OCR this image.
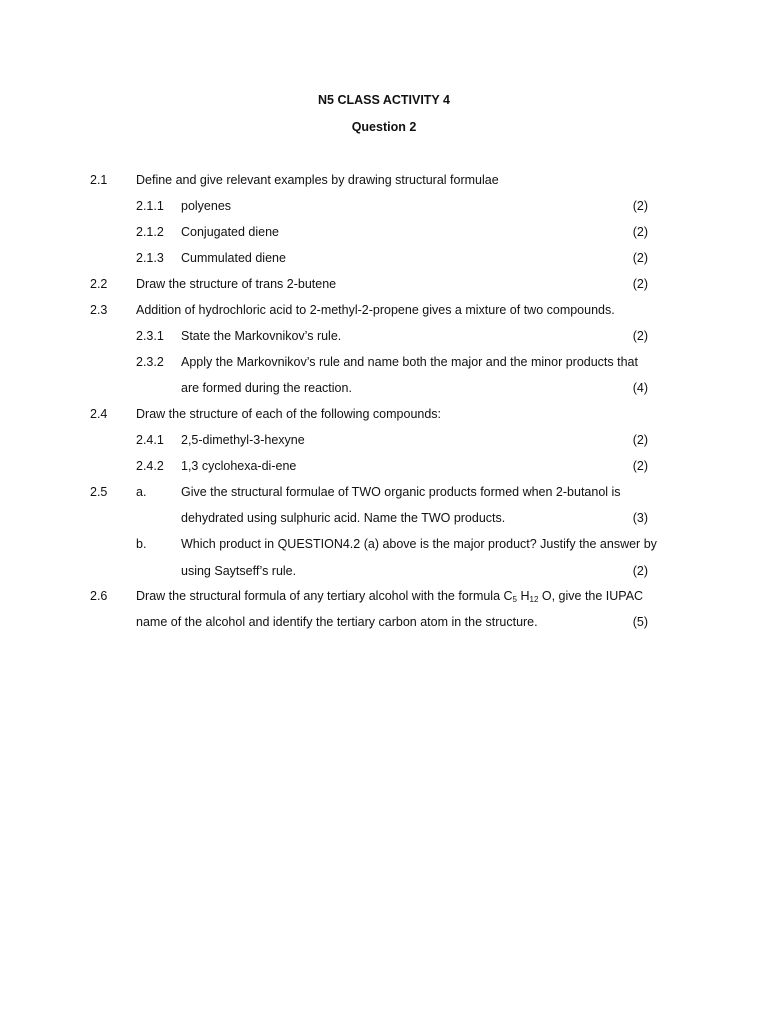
N5 CLASS ACTIVITY 4
Question 2
2.1 Define and give relevant examples by drawing structural formulae
2.1.1 polyenes	(2)
2.1.2 Conjugated diene	(2)
2.1.3 Cummulated diene	(2)
2.2 Draw the structure of trans 2-butene	(2)
2.3 Addition of hydrochloric acid to 2-methyl-2-propene gives a mixture of two compounds.
2.3.1 State the Markovnikov’s rule.	(2)
2.3.2 Apply the Markovnikov’s rule and name both the major and the minor products that
are formed during the reaction.	(4)
2.4 Draw the structure of each of the following compounds:
2.4.1 2,5-dimethyl-3-hexyne	(2)
2.4.2 1,3 cyclohexa-di-ene	(2)
2.5 a.	Give the structural formulae of TWO organic products formed when 2-butanol is
dehydrated using sulphuric acid. Name the TWO products.	(3)
b.	Which product in QUESTION4.2 (a) above is the major product? Justify the answer by
using Saytseff’s rule.	(2)
2.6 Draw the structural formula of any tertiary alcohol with the formula $C_5$ $H_{12}$ O, give the IUPAC
name of the alcohol and identify the tertiary carbon atom in the structure.	(5)
